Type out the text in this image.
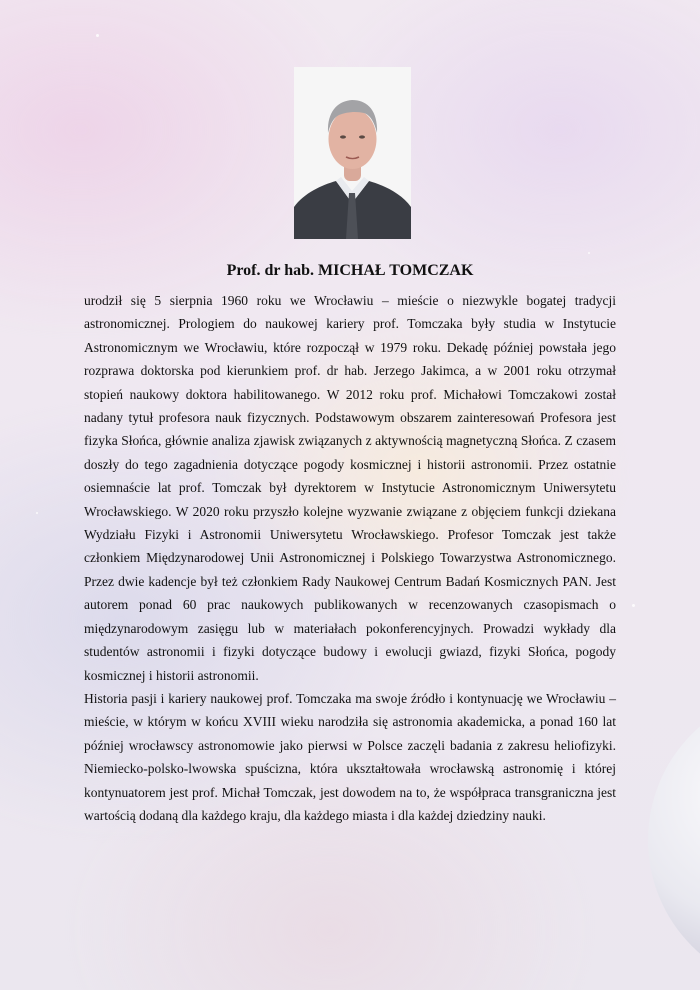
Prof. dr hab. MICHAŁ TOMCZAK

urodził się 5 sierpnia 1960 roku we Wrocławiu – mieście o niezwykle bogatej tradycji astronomicznej. Prologiem do naukowej kariery prof. Tomczaka były studia w Instytucie Astronomicznym we Wrocławiu, które rozpoczął w 1979 roku. Dekadę później powstała jego rozprawa doktorska pod kierunkiem prof. dr hab. Jerzego Jakimca, a w 2001 roku otrzymał stopień naukowy doktora habilitowanego. W 2012 roku prof. Michałowi Tomczakowi został nadany tytuł profesora nauk fizycznych. Podstawowym obszarem zainteresowań Profesora jest fizyka Słońca, głównie analiza zjawisk związanych z aktywnością magnetyczną Słońca. Z czasem doszły do tego zagadnienia dotyczące pogody kosmicznej i historii astronomii. Przez ostatnie osiemnaście lat prof. Tomczak był dyrektorem w Instytucie Astronomicznym Uniwersytetu Wrocławskiego. W 2020 roku przyszło kolejne wyzwanie związane z objęciem funkcji dziekana Wydziału Fizyki i Astronomii Uniwersytetu Wrocławskiego. Profesor Tomczak jest także członkiem Międzynarodowej Unii Astronomicznej i Polskiego Towarzystwa Astronomicznego. Przez dwie kadencje był też członkiem Rady Naukowej Centrum Badań Kosmicznych PAN. Jest autorem ponad 60 prac naukowych publikowanych w recenzowanych czasopismach o międzynarodowym zasięgu lub w materiałach pokonferencyjnych. Prowadzi wykłady dla studentów astronomii i fizyki dotyczące budowy i ewolucji gwiazd, fizyki Słońca, pogody kosmicznej i historii astronomii.

Historia pasji i kariery naukowej prof. Tomczaka ma swoje źródło i kontynuację we Wrocławiu – mieście, w którym w końcu XVIII wieku narodziła się astronomia akademicka, a ponad 160 lat później wrocławscy astronomowie jako pierwsi w Polsce zaczęli badania z zakresu heliofizyki. Niemiecko-polsko-lwowska spuścizna, która ukształtowała wrocławską astronomię i której kontynuatorem jest prof. Michał Tomczak, jest dowodem na to, że współpraca transgraniczna jest wartością dodaną dla każdego kraju, dla każdego miasta i dla każdej dziedziny nauki.
